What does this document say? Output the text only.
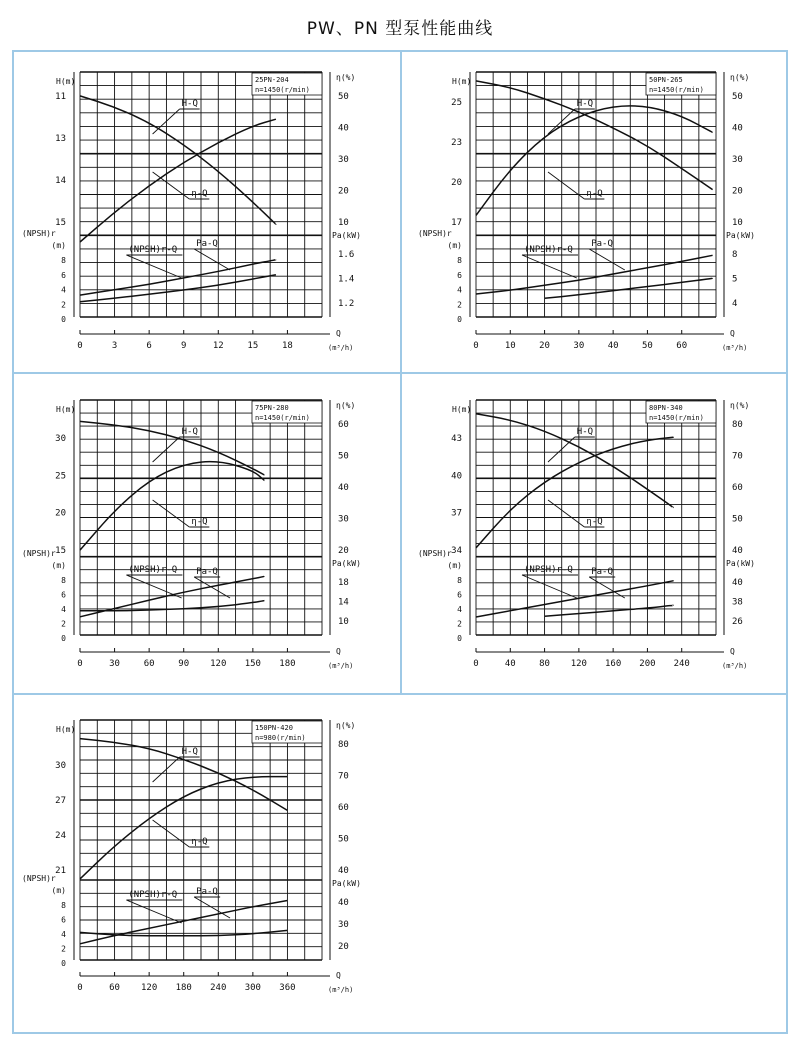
PW、PN 型泵性能曲线
H(m)
11
13
14
15
(NPSH)r
(m)
8
6
4
2
0
η(%)
50
40
30
20
10
Pa(kW)
1.6
1.4
1.2
25PN-204
n=1450(r/min)
0	3	6	9	12	15	18
Q
(m³/h)
H-Q
η-Q
Pa-Q
(NPSH)r-Q
H(m)
25
23
20
17
(NPSH)r
(m)
8
6
4
2
0
η(%)
50
40
30
20
10
Pa(kW)
8
5
4
50PN-265
n=1450(r/min)
0	10	20	30	40	50	60
Q
(m³/h)
H-Q
η-Q
Pa-Q
(NPSH)r-Q
H(m)
30
25
20
15
(NPSH)r
(m)
8
6
4
2
0
η(%)
60
50
40
30
20
Pa(kW)
18
14
10
75PN-280
n=1450(r/min)
0	30	60	90 120 150 180
Q
(m³/h)
H-Q
η-Q
Pa-Q
(NPSH)r-Q
H(m)
43
40
37
34
(NPSH)r
(m)
8
6
4
2
0
η(%)
80
70
60
50
40
Pa(kW)
40
38
26
80PN-340
n=1450(r/min)
0	40	80 120 160 200 240
Q
(m³/h)
H-Q
η-Q
Pa-Q
(NPSH)r-Q
H(m)
30
27
24
21
(NPSH)r
(m)
8
6
4
2
0
η(%)
80
70
60
50
40
Pa(kW)
40
30
20
150PN-420
n=980(r/min)
0	60 120 180 240 300 360
Q
(m³/h)
H-Q
η-Q
Pa-Q
(NPSH)r-Q
